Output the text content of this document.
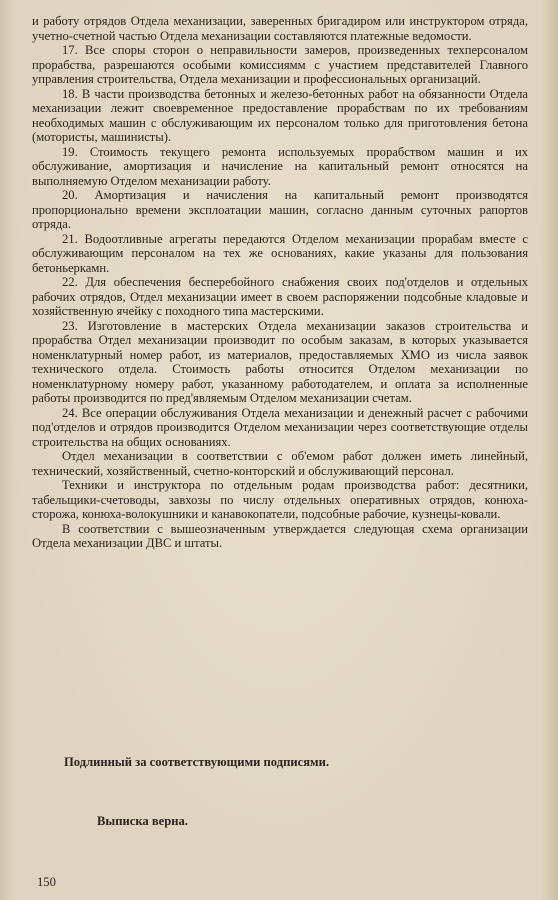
и работу отрядов Отдела механизации, заверенных бригадиром или инструктором отряда, учетно-счетной частью Отдела механизации составляются платежные ведомости.

17. Все споры сторон о неправильности замеров, произведенных техперсоналом прорабства, разрешаются особыми комиссиямм с участием представителей Главного управления строительства, Отдела механизации и профессиональных организаций.

18. В части производства бетонных и железо-бетонных работ на обязанности Отдела механизации лежит своевременное предоставление прорабствам по их требованиям необходимых машин с обслуживающим их персоналом только для приготовления бетона (мотористы, машинисты).

19. Стоимость текущего ремонта используемых прорабством машин и их обслуживание, амортизация и начисление на капитальный ремонт относятся на выполняемую Отделом механизации работу.

20. Амортизация и начисления на капитальный ремонт производятся пропорционально времени эксплоатации машин, согласно данным суточных рапортов отряда.

21. Водоотливные агрегаты передаются Отделом механизации прорабам вместе с обслуживающим персоналом на тех же основаниях, какие указаны для пользования бетоньеркамн.

22. Для обеспечения бесперебойного снабжения своих под'отделов и отдельных рабочих отрядов, Отдел механизации имеет в своем распоряжении подсобные кладовые и хозяйственную ячейку с походного типа мастерскими.

23. Изготовление в мастерских Отдела механизации заказов строительства и прорабства Отдел механизации производит по особым заказам, в которых указывается номенклатурный номер работ, из материалов, предоставляемых ХМО из числа заявок технического отдела. Стоимость работы относится Отделом механизации по номенклатурному номеру работ, указанному работодателем, и оплата за исполненные работы производится по пред'являемым Отделом механизации счетам.

24. Все операции обслуживания Отдела механизации и денежный расчет с рабочими под'отделов и отрядов производится Отделом механизации через соответствующие отделы строительства на общих основаниях.

Отдел механизации в соответствии с об'емом работ должен иметь линейный, технический, хозяйственный, счетно-конторский и обслуживающий персонал.

Техники и инструктора по отдельным родам производства работ: десятники, табельщики-счетоводы, завхозы по числу отдельных оперативных отрядов, конюха-сторожа, конюха-волокушники и канавокопатели, подсобные рабочие, кузнецы-ковали.

В соответствии с вышеозначенным утверждается следующая схема организации Отдела механизации ДВС и штаты.

Подлинный за соответствующими подписями.
Выписка верна.
150
